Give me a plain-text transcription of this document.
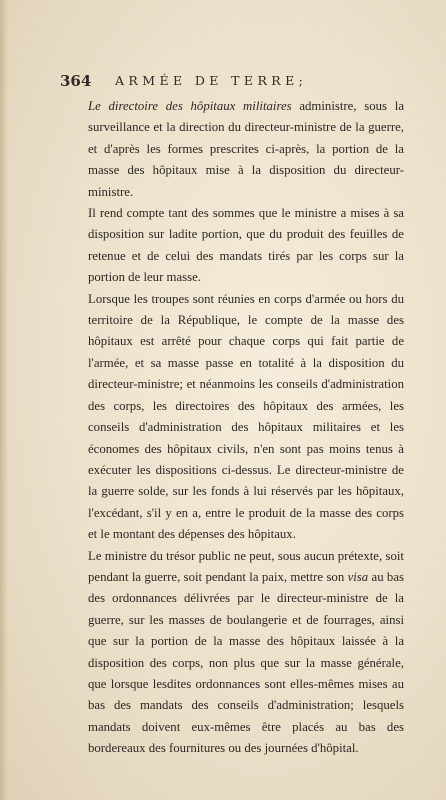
364 ARMÉE DE TERRE;

Le directoire des hôpitaux militaires administre, sous la surveillance et la direction du directeur-ministre de la guerre, et d'après les formes prescrites ci-après, la portion de la masse des hôpitaux mise à la disposition du directeur-ministre.

Il rend compte tant des sommes que le ministre a mises à sa disposition sur ladite portion, que du produit des feuilles de retenue et de celui des mandats tirés par les corps sur la portion de leur masse.

Lorsque les troupes sont réunies en corps d'armée ou hors du territoire de la République, le compte de la masse des hôpitaux est arrêté pour chaque corps qui fait partie de l'armée, et sa masse passe en totalité à la disposition du directeur-ministre; et néanmoins les conseils d'administration des corps, les directoires des hôpitaux des armées, les conseils d'administration des hôpitaux militaires et les économes des hôpitaux civils, n'en sont pas moins tenus à exécuter les dispositions ci-dessus. Le directeur-ministre de la guerre solde, sur les fonds à lui réservés par les hôpitaux, l'excédant, s'il y en a, entre le produit de la masse des corps et le montant des dépenses des hôpitaux.

Le ministre du trésor public ne peut, sous aucun prétexte, soit pendant la guerre, soit pendant la paix, mettre son visa au bas des ordonnances délivrées par le directeur-ministre de la guerre, sur les masses de boulangerie et de fourrages, ainsi que sur la portion de la masse des hôpitaux laissée à la disposition des corps, non plus que sur la masse générale, que lorsque lesdites ordonnances sont elles-mêmes mises au bas des mandats des conseils d'administration; lesquels mandats doivent eux-mêmes être placés au bas des bordereaux des fournitures ou des journées d'hôpital.
